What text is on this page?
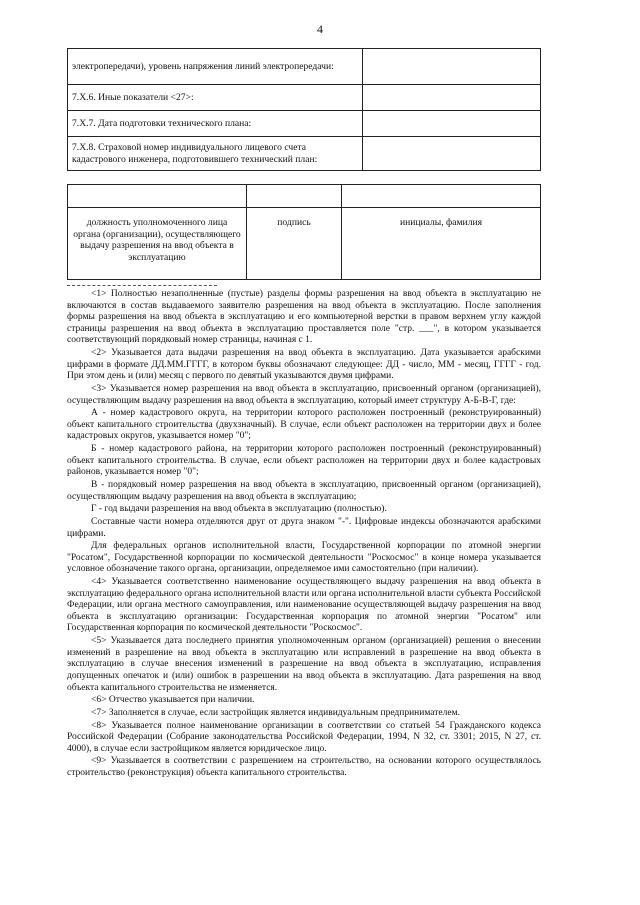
4
электропередачи), уровень напряжения линий электропередачи:	
7.X.6. Иные показатели <27>:	
7.X.7. Дата подготовки технического плана:	
7.X.8. Страховой номер индивидуального лицевого счета кадастрового инженера, подготовившего технический план:	

должность уполномоченного лица органа (организации), осуществляющего выдачу разрешения на ввод объекта в эксплуатацию	подпись	инициалы, фамилия

<1> Полностью незаполненные (пустые) разделы формы разрешения на ввод объекта в эксплуатацию не включаются в состав выдаваемого заявителю разрешения на ввод объекта в эксплуатацию. После заполнения формы разрешения на ввод объекта в эксплуатацию и его компьютерной верстки в правом верхнем углу каждой страницы разрешения на ввод объекта в эксплуатацию проставляется поле "стр. ___", в котором указывается соответствующий порядковый номер страницы, начиная с 1.

<2> Указывается дата выдачи разрешения на ввод объекта в эксплуатацию. Дата указывается арабскими цифрами в формате ДД.ММ.ГГГГ, в котором буквы обозначают следующее: ДД - число, ММ - месяц, ГГГГ - год. При этом день и (или) месяц с первого по девятый указываются двумя цифрами.

<3> Указывается номер разрешения на ввод объекта в эксплуатацию, присвоенный органом (организацией), осуществляющим выдачу разрешения на ввод объекта в эксплуатацию, который имеет структуру А-Б-В-Г, где:

А - номер кадастрового округа, на территории которого расположен построенный (реконструированный) объект капитального строительства (двухзначный). В случае, если объект расположен на территории двух и более кадастровых округов, указывается номер "0";

Б - номер кадастрового района, на территории которого расположен построенный (реконструированный) объект капитального строительства. В случае, если объект расположен на территории двух и более кадастровых районов, указывается номер "0";

В - порядковый номер разрешения на ввод объекта в эксплуатацию, присвоенный органом (организацией), осуществляющим выдачу разрешения на ввод объекта в эксплуатацию;

Г - год выдачи разрешения на ввод объекта в эксплуатацию (полностью).

Составные части номера отделяются друг от друга знаком "-". Цифровые индексы обозначаются арабскими цифрами.

Для федеральных органов исполнительной власти, Государственной корпорации по атомной энергии "Росатом", Государственной корпорации по космической деятельности "Роскосмос" в конце номера указывается условное обозначение такого органа, организации, определяемое ими самостоятельно (при наличии).

<4> Указывается соответственно наименование осуществляющего выдачу разрешения на ввод объекта в эксплуатацию федерального органа исполнительной власти или органа исполнительной власти субъекта Российской Федерации, или органа местного самоуправления, или наименование осуществляющей выдачу разрешения на ввод объекта в эксплуатацию организации: Государственная корпорация по атомной энергии "Росатом" или Государственная корпорация по космической деятельности "Роскосмос".

<5> Указывается дата последнего принятия уполномоченным органом (организацией) решения о внесении изменений в разрешение на ввод объекта в эксплуатацию или исправлений в разрешение на ввод объекта в эксплуатацию в случае внесения изменений в разрешение на ввод объекта в эксплуатацию, исправления допущенных опечаток и (или) ошибок в разрешении на ввод объекта в эксплуатацию. Дата разрешения на ввод объекта капитального строительства не изменяется.

<6> Отчество указывается при наличии.

<7> Заполняется в случае, если застройщик является индивидуальным предпринимателем.

<8> Указывается полное наименование организации в соответствии со статьей 54 Гражданского кодекса Российской Федерации (Собрание законодательства Российской Федерации, 1994, N 32, ст. 3301; 2015, N 27, ст. 4000), в случае если застройщиком является юридическое лицо.

<9> Указывается в соответствии с разрешением на строительство, на основании которого осуществлялось строительство (реконструкция) объекта капитального строительства.
